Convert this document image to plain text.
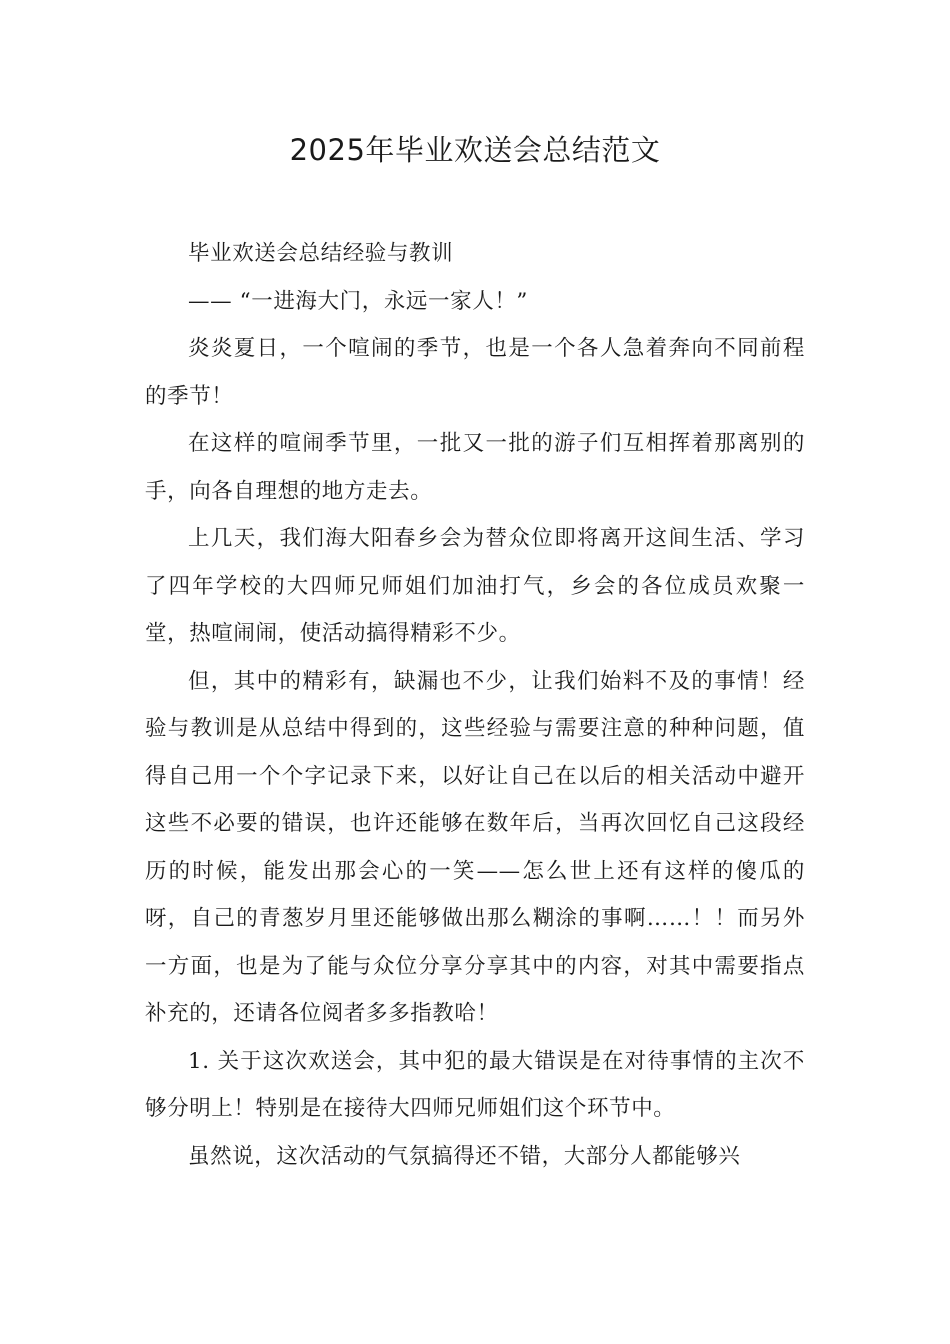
2025年毕业欢送会总结范文

毕业欢送会总结经验与教训

—— “一进海大门，永远一家人！”

炎炎夏日，一个喧闹的季节，也是一个各人急着奔向不同前程的季节！

在这样的喧闹季节里，一批又一批的游子们互相挥着那离别的手，向各自理想的地方走去。

上几天，我们海大阳春乡会为替众位即将离开这间生活、学习了四年学校的大四师兄师姐们加油打气，乡会的各位成员欢聚一堂，热喧闹闹，使活动搞得精彩不少。

但，其中的精彩有，缺漏也不少，让我们始料不及的事情！经验与教训是从总结中得到的，这些经验与需要注意的种种问题，值得自己用一个个字记录下来，以好让自己在以后的相关活动中避开这些不必要的错误，也许还能够在数年后，当再次回忆自己这段经历的时候，能发出那会心的一笑——怎么世上还有这样的傻瓜的呀，自己的青葱岁月里还能够做出那么糊涂的事啊……！！而另外一方面，也是为了能与众位分享分享其中的内容，对其中需要指点补充的，还请各位阅者多多指教哈！

1. 关于这次欢送会，其中犯的最大错误是在对待事情的主次不够分明上！特别是在接待大四师兄师姐们这个环节中。

虽然说，这次活动的气氛搞得还不错，大部分人都能够兴
